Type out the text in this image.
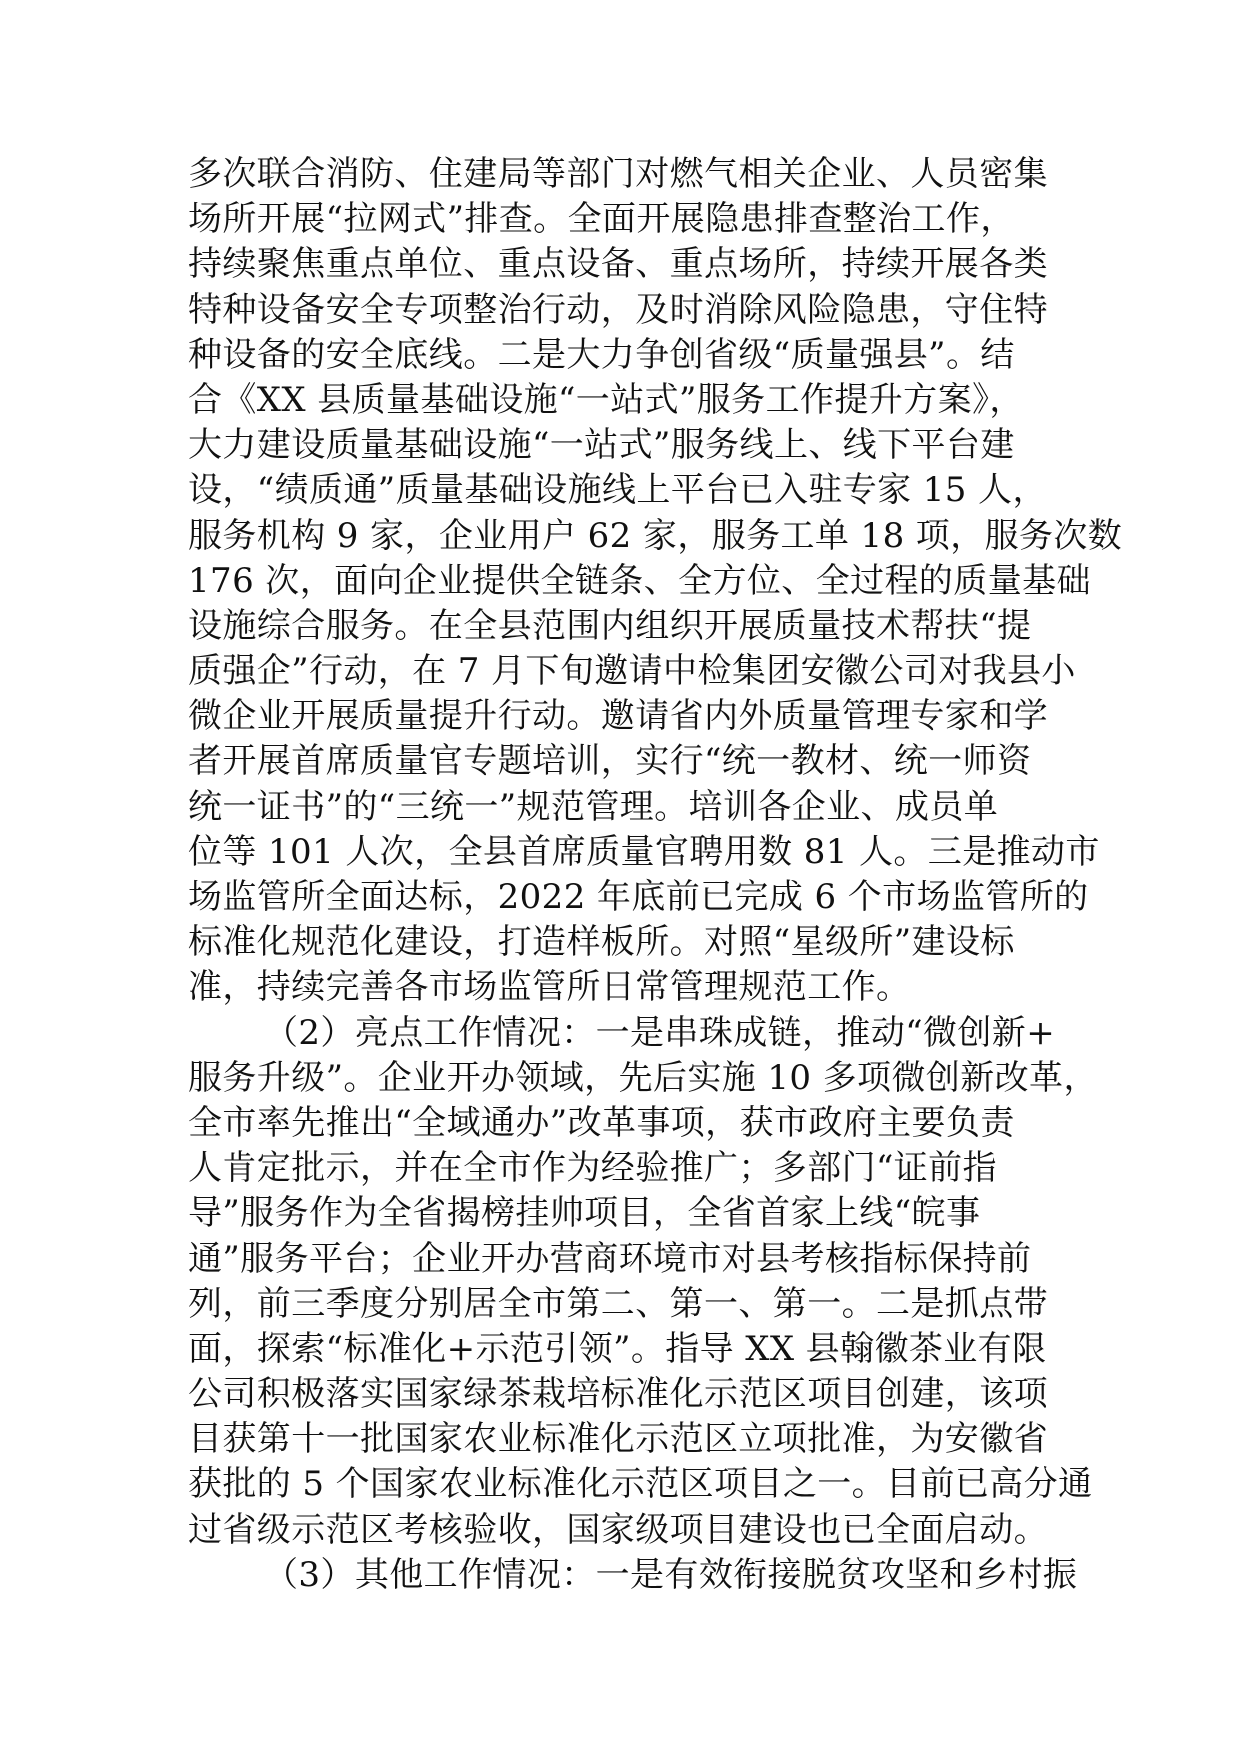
多次联合消防、住建局等部门对燃气相关企业、人员密集
场所开展“拉网式”排查。全面开展隐患排查整治工作，
持续聚焦重点单位、重点设备、重点场所，持续开展各类
特种设备安全专项整治行动，及时消除风险隐患，守住特
种设备的安全底线。二是大力争创省级“质量强县”。结
合《XX 县质量基础设施“一站式”服务工作提升方案》，
大力建设质量基础设施“一站式”服务线上、线下平台建
设，“绩质通”质量基础设施线上平台已入驻专家 15 人，
服务机构 9 家，企业用户 62 家，服务工单 18 项，服务次数
176 次，面向企业提供全链条、全方位、全过程的质量基础
设施综合服务。在全县范围内组织开展质量技术帮扶“提
质强企”行动，在 7 月下旬邀请中检集团安徽公司对我县小
微企业开展质量提升行动。邀请省内外质量管理专家和学
者开展首席质量官专题培训，实行“统一教材、统一师资
统一证书”的“三统一”规范管理。培训各企业、成员单
位等 101 人次，全县首席质量官聘用数 81 人。三是推动市
场监管所全面达标，2022 年底前已完成 6 个市场监管所的
标准化规范化建设，打造样板所。对照“星级所”建设标
准，持续完善各市场监管所日常管理规范工作。
（2）亮点工作情况：一是串珠成链，推动“微创新+
服务升级”。企业开办领域，先后实施 10 多项微创新改革，
全市率先推出“全域通办”改革事项，获市政府主要负责
人肯定批示，并在全市作为经验推广；多部门“证前指
导”服务作为全省揭榜挂帅项目，全省首家上线“皖事
通”服务平台；企业开办营商环境市对县考核指标保持前
列，前三季度分别居全市第二、第一、第一。二是抓点带
面，探索“标准化+示范引领”。指导 XX 县翰徽茶业有限
公司积极落实国家绿茶栽培标准化示范区项目创建，该项
目获第十一批国家农业标准化示范区立项批准，为安徽省
获批的 5 个国家农业标准化示范区项目之一。目前已高分通
过省级示范区考核验收，国家级项目建设也已全面启动。
（3）其他工作情况：一是有效衔接脱贫攻坚和乡村振
